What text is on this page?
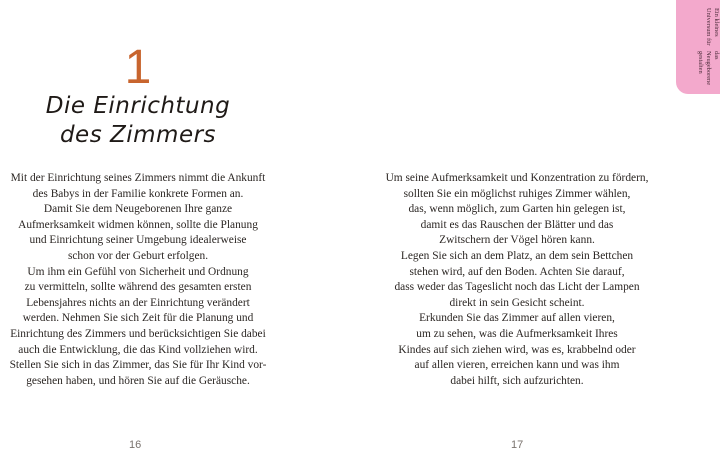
1
Die Einrichtung
des Zimmers
Mit der Einrichtung seines Zimmers nimmt die Ankunft
des Babys in der Familie konkrete Formen an.
Damit Sie dem Neugeborenen Ihre ganze
Aufmerksamkeit widmen können, sollte die Planung
und Einrichtung seiner Umgebung idealerweise
schon vor der Geburt erfolgen.
Um ihm ein Gefühl von Sicherheit und Ordnung
zu vermitteln, sollte während des gesamten ersten
Lebensjahres nichts an der Einrichtung verändert
werden. Nehmen Sie sich Zeit für die Planung und
Einrichtung des Zimmers und berücksichtigen Sie dabei
auch die Entwicklung, die das Kind vollziehen wird.
Stellen Sie sich in das Zimmer, das Sie für Ihr Kind vor-
gesehen haben, und hören Sie auf die Geräusche.
Um seine Aufmerksamkeit und Konzentration zu fördern,
sollten Sie ein möglichst ruhiges Zimmer wählen,
das, wenn möglich, zum Garten hin gelegen ist,
damit es das Rauschen der Blätter und das
Zwitschern der Vögel hören kann.
Legen Sie sich an dem Platz, an dem sein Bettchen
stehen wird, auf den Boden. Achten Sie darauf,
dass weder das Tageslicht noch das Licht der Lampen
direkt in sein Gesicht scheint.
Erkunden Sie das Zimmer auf allen vieren,
um zu sehen, was die Aufmerksamkeit Ihres
Kindes auf sich ziehen wird, was es, krabbelnd oder
auf allen vieren, erreichen kann und was ihm
dabei hilft, sich aufzurichten.
16	17
Ein kleines Universum für
das Neugeborene gestalten
